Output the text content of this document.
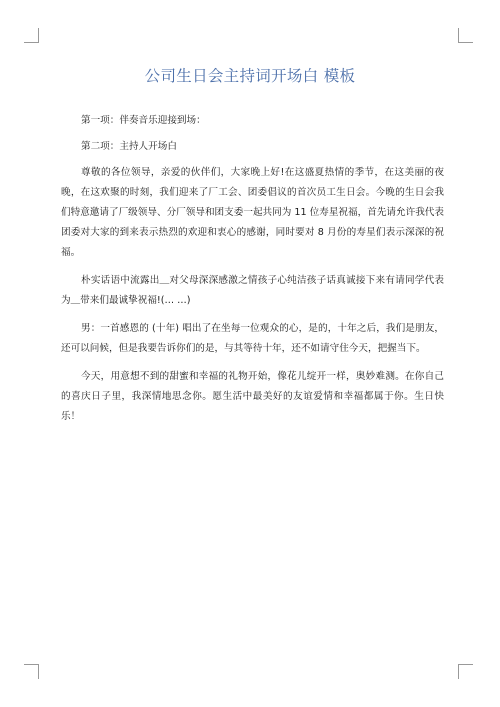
公司生日会主持词开场白 模板

第一项：伴奏音乐迎接到场：

第二项：主持人开场白

尊敬的各位领导，亲爱的伙伴们，大家晚上好!在这盛夏热情的季节，在这美丽的夜晚，在这欢聚的时刻，我们迎来了厂工会、团委倡议的首次员工生日会。今晚的生日会我们特意邀请了厂级领导、分厂领导和团支委一起共同为 11 位寿星祝福，首先请允许我代表团委对大家的到来表示热烈的欢迎和衷心的感谢，同时要对 8 月份的寿星们表示深深的祝福。

朴实话语中流露出＿对父母深深感激之情孩子心纯洁孩子话真诚接下来有请同学代表为＿带来们最诚挚祝福!(… …)

男：一首感恩的 (十年) 唱出了在坐每一位观众的心，是的，十年之后，我们是朋友，还可以问候，但是我要告诉你们的是，与其等待十年，还不如请守住今天，把握当下。

今天，用意想不到的甜蜜和幸福的礼物开始，像花儿绽开一样，奥妙难测。在你自己的喜庆日子里，我深情地思念你。愿生活中最美好的友谊爱情和幸福都属于你。生日快乐！
